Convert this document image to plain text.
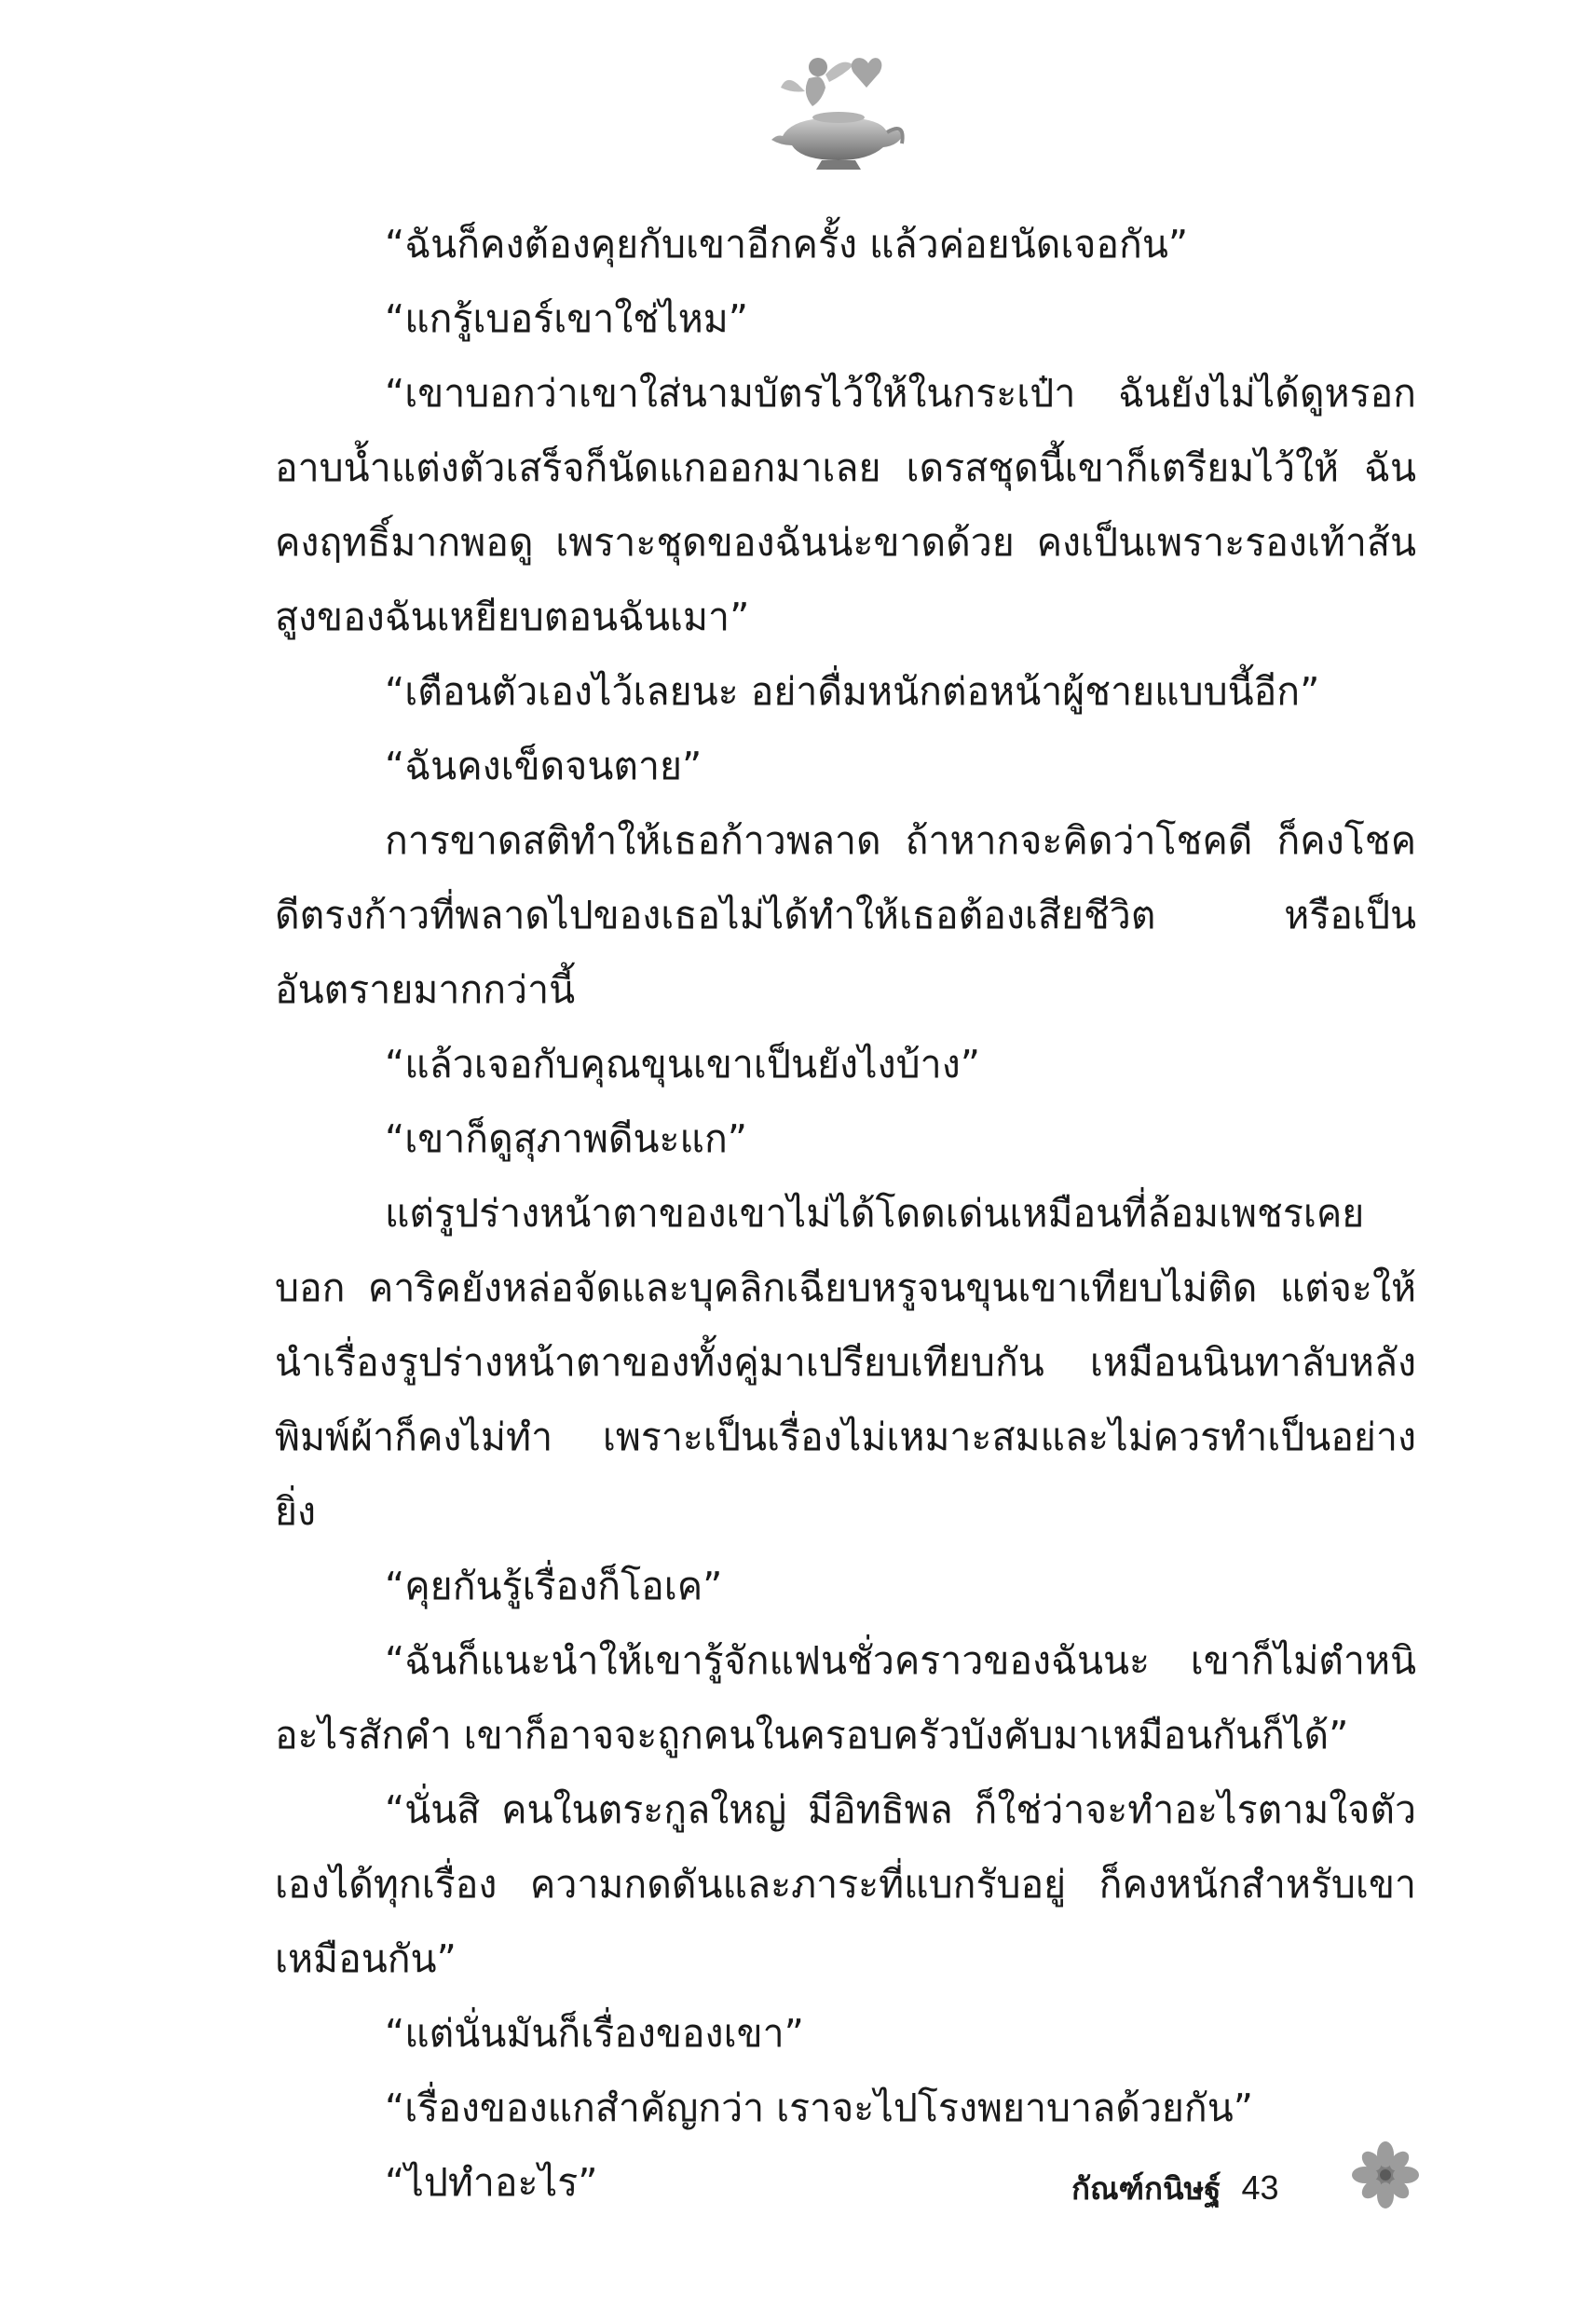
“ฉันก็คงต้องคุยกับเขาอีกครั้ง แล้วค่อยนัดเจอกัน”

“แกรู้เบอร์เขาใช่ไหม”

“เขาบอกว่าเขาใส่นามบัตรไว้ให้ในกระเป๋า ฉันยังไม่ได้ดูหรอก อาบน้ำแต่งตัวเสร็จก็นัดแกออกมาเลย เดรสชุดนี้เขาก็เตรียมไว้ให้ ฉันคงฤทธิ์มากพอดู เพราะชุดของฉันน่ะขาดด้วย คงเป็นเพราะรองเท้าส้นสูงของฉันเหยียบตอนฉันเมา”

“เตือนตัวเองไว้เลยนะ อย่าดื่มหนักต่อหน้าผู้ชายแบบนี้อีก”

“ฉันคงเข็ดจนตาย”

การขาดสติทำให้เธอก้าวพลาด ถ้าหากจะคิดว่าโชคดี ก็คงโชคดีตรงก้าวที่พลาดไปของเธอไม่ได้ทำให้เธอต้องเสียชีวิต หรือเป็นอันตรายมากกว่านี้

“แล้วเจอกับคุณขุนเขาเป็นยังไงบ้าง”

“เขาก็ดูสุภาพดีนะแก”

แต่รูปร่างหน้าตาของเขาไม่ได้โดดเด่นเหมือนที่ล้อมเพชรเคยบอก คาริคยังหล่อจัดและบุคลิกเฉียบหรูจนขุนเขาเทียบไม่ติด แต่จะให้นำเรื่องรูปร่างหน้าตาของทั้งคู่มาเปรียบเทียบกัน เหมือนนินทาลับหลังพิมพ์ผ้าก็คงไม่ทำ เพราะเป็นเรื่องไม่เหมาะสมและไม่ควรทำเป็นอย่างยิ่ง

“คุยกันรู้เรื่องก็โอเค”

“ฉันก็แนะนำให้เขารู้จักแฟนชั่วคราวของฉันนะ เขาก็ไม่ตำหนิอะไรสักคำ เขาก็อาจจะถูกคนในครอบครัวบังคับมาเหมือนกันก็ได้”

“นั่นสิ คนในตระกูลใหญ่ มีอิทธิพล ก็ใช่ว่าจะทำอะไรตามใจตัวเองได้ทุกเรื่อง ความกดดันและภาระที่แบกรับอยู่ ก็คงหนักสำหรับเขาเหมือนกัน”

“แต่นั่นมันก็เรื่องของเขา”

“เรื่องของแกสำคัญกว่า เราจะไปโรงพยาบาลด้วยกัน”

“ไปทำอะไร”	กัณฑ์กนิษฐ์ 43
